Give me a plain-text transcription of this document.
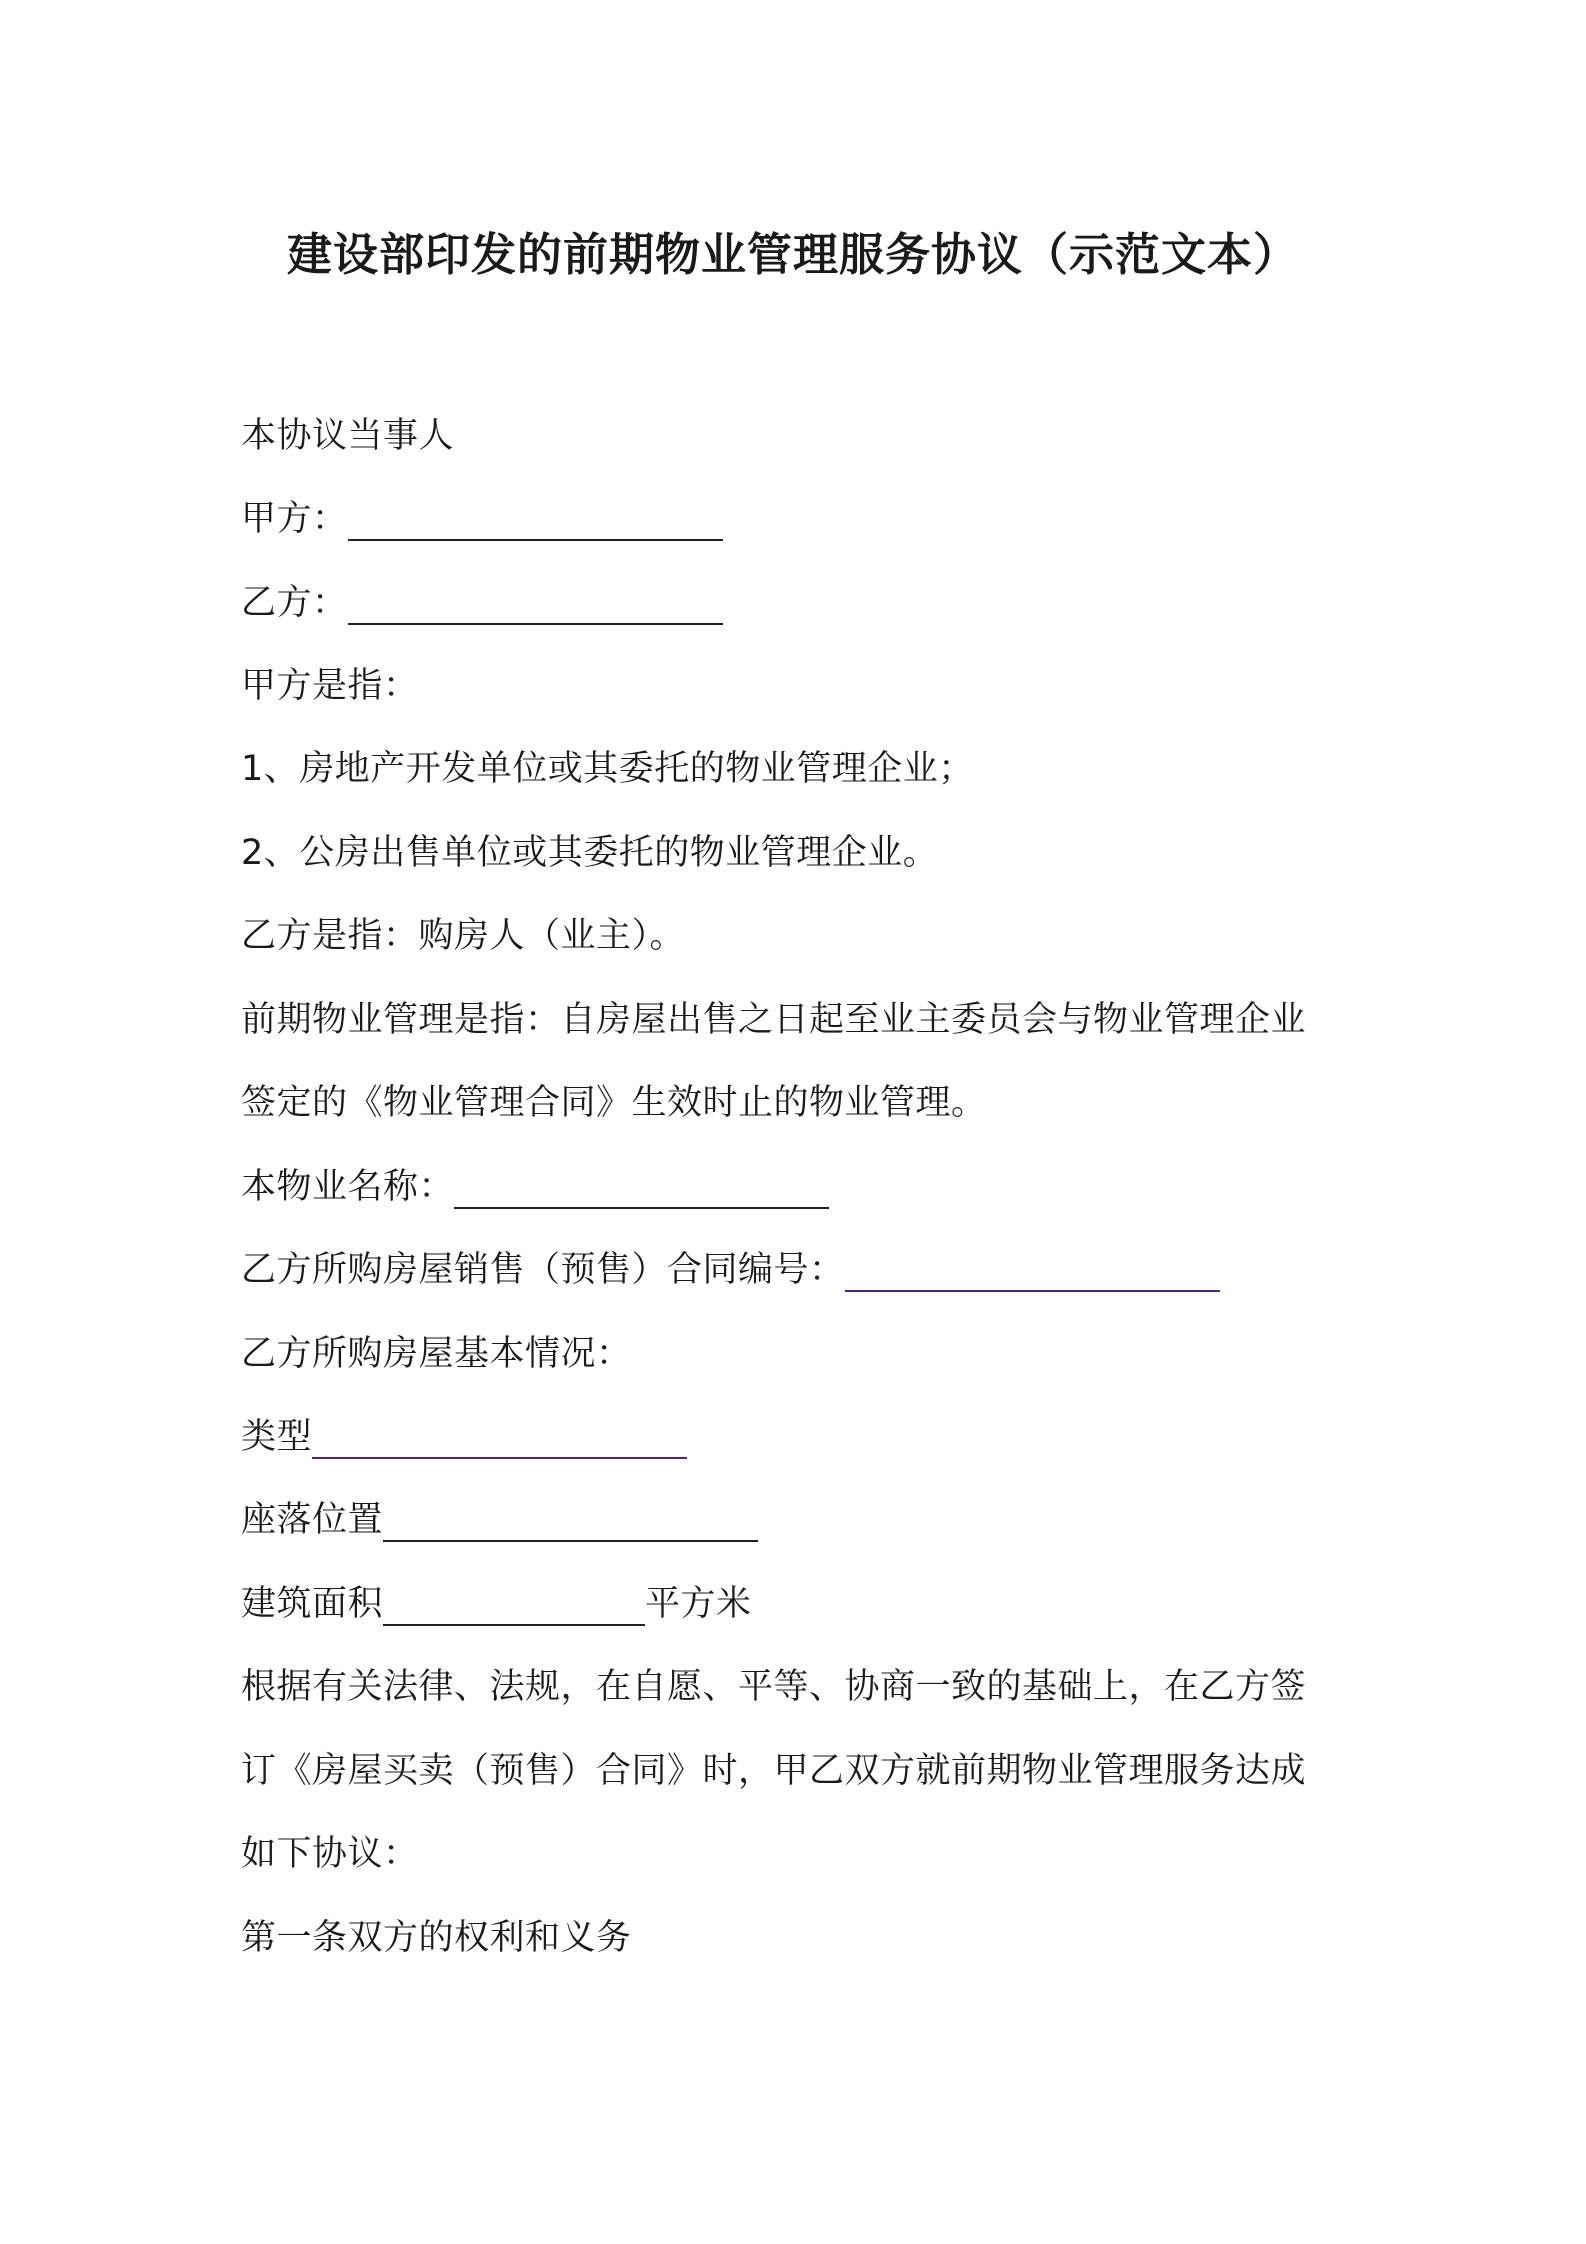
建设部印发的前期物业管理服务协议（示范文本）
本协议当事人
甲方：
乙方：
甲方是指：
1、房地产开发单位或其委托的物业管理企业；
2、公房出售单位或其委托的物业管理企业。
乙方是指：购房人（业主）。
前期物业管理是指：自房屋出售之日起至业主委员会与物业管理企业
签定的《物业管理合同》生效时止的物业管理。
本物业名称：
乙方所购房屋销售（预售）合同编号：
乙方所购房屋基本情况：
类型
座落位置
建筑面积	平方米
根据有关法律、法规，在自愿、平等、协商一致的基础上，在乙方签
订《房屋买卖（预售）合同》时，甲乙双方就前期物业管理服务达成
如下协议：
第一条双方的权利和义务
